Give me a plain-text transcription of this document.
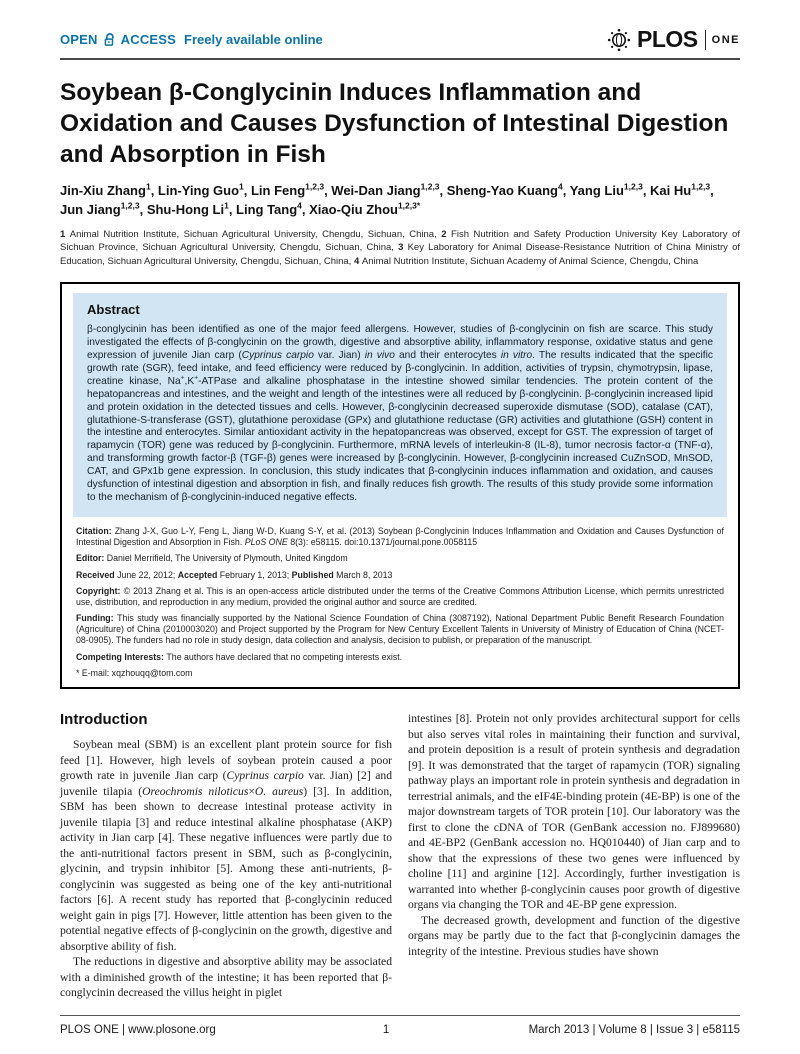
OPEN ACCESS Freely available online	PLOS ONE
Soybean β-Conglycinin Induces Inflammation and Oxidation and Causes Dysfunction of Intestinal Digestion and Absorption in Fish
Jin-Xiu Zhang$^1$, Lin-Ying Guo$^1$, Lin Feng$^{1,2,3}$, Wei-Dan Jiang$^{1,2,3}$, Sheng-Yao Kuang$^4$, Yang Liu$^{1,2,3}$, Kai Hu$^{1,2,3}$, Jun Jiang$^{1,2,3}$, Shu-Hong Li$^1$, Ling Tang$^4$, Xiao-Qiu Zhou$^{1,2,3*}$
1 Animal Nutrition Institute, Sichuan Agricultural University, Chengdu, Sichuan, China, 2 Fish Nutrition and Safety Production University Key Laboratory of Sichuan Province, Sichuan Agricultural University, Chengdu, Sichuan, China, 3 Key Laboratory for Animal Disease-Resistance Nutrition of China Ministry of Education, Sichuan Agricultural University, Chengdu, Sichuan, China, 4 Animal Nutrition Institute, Sichuan Academy of Animal Science, Chengdu, China
Abstract
β-conglycinin has been identified as one of the major feed allergens. However, studies of β-conglycinin on fish are scarce. This study investigated the effects of β-conglycinin on the growth, digestive and absorptive ability, inflammatory response, oxidative status and gene expression of juvenile Jian carp (Cyprinus carpio var. Jian) in vivo and their enterocytes in vitro. The results indicated that the specific growth rate (SGR), feed intake, and feed efficiency were reduced by β-conglycinin. In addition, activities of trypsin, chymotrypsin, lipase, creatine kinase, Na+,K+-ATPase and alkaline phosphatase in the intestine showed similar tendencies. The protein content of the hepatopancreas and intestines, and the weight and length of the intestines were all reduced by β-conglycinin. β-conglycinin increased lipid and protein oxidation in the detected tissues and cells. However, β-conglycinin decreased superoxide dismutase (SOD), catalase (CAT), glutathione-S-transferase (GST), glutathione peroxidase (GPx) and glutathione reductase (GR) activities and glutathione (GSH) content in the intestine and enterocytes. Similar antioxidant activity in the hepatopancreas was observed, except for GST. The expression of target of rapamycin (TOR) gene was reduced by β-conglycinin. Furthermore, mRNA levels of interleukin-8 (IL-8), tumor necrosis factor-α (TNF-α), and transforming growth factor-β (TGF-β) genes were increased by β-conglycinin. However, β-conglycinin increased CuZnSOD, MnSOD, CAT, and GPx1b gene expression. In conclusion, this study indicates that β-conglycinin induces inflammation and oxidation, and causes dysfunction of intestinal digestion and absorption in fish, and finally reduces fish growth. The results of this study provide some information to the mechanism of β-conglycinin-induced negative effects.

Citation: Zhang J-X, Guo L-Y, Feng L, Jiang W-D, Kuang S-Y, et al. (2013) Soybean β-Conglycinin Induces Inflammation and Oxidation and Causes Dysfunction of Intestinal Digestion and Absorption in Fish. PLoS ONE 8(3): e58115. doi:10.1371/journal.pone.0058115

Editor: Daniel Merrifield, The University of Plymouth, United Kingdom

Received June 22, 2012; Accepted February 1, 2013; Published March 8, 2013

Copyright: © 2013 Zhang et al. This is an open-access article distributed under the terms of the Creative Commons Attribution License, which permits unrestricted use, distribution, and reproduction in any medium, provided the original author and source are credited.

Funding: This study was financially supported by the National Science Foundation of China (3087192), National Department Public Benefit Research Foundation (Agriculture) of China (2010003020) and Project supported by the Program for New Century Excellent Talents in University of Ministry of Education of China (NCET-08-0905). The funders had no role in study design, data collection and analysis, decision to publish, or preparation of the manuscript.

Competing Interests: The authors have declared that no competing interests exist.

* E-mail: xqzhouqq@tom.com

Introduction

Soybean meal (SBM) is an excellent plant protein source for fish feed [1]. However, high levels of soybean protein caused a poor growth rate in juvenile Jian carp (Cyprinus carpio var. Jian) [2] and juvenile tilapia (Oreochromis niloticus×O. aureus) [3]. In addition, SBM has been shown to decrease intestinal protease activity in juvenile tilapia [3] and reduce intestinal alkaline phosphatase (AKP) activity in Jian carp [4]. These negative influences were partly due to the anti-nutritional factors present in SBM, such as β-conglycinin, glycinin, and trypsin inhibitor [5]. Among these anti-nutrients, β-conglycinin was suggested as being one of the key anti-nutritional factors [6]. A recent study has reported that β-conglycinin reduced weight gain in pigs [7]. However, little attention has been given to the potential negative effects of β-conglycinin on the growth, digestive and absorptive ability of fish.

The reductions in digestive and absorptive ability may be associated with a diminished growth of the intestine; it has been reported that β-conglycinin decreased the villus height in piglet

intestines [8]. Protein not only provides architectural support for cells but also serves vital roles in maintaining their function and survival, and protein deposition is a result of protein synthesis and degradation [9]. It was demonstrated that the target of rapamycin (TOR) signaling pathway plays an important role in protein synthesis and degradation in terrestrial animals, and the eIF4E-binding protein (4E-BP) is one of the major downstream targets of TOR protein [10]. Our laboratory was the first to clone the cDNA of TOR (GenBank accession no. FJ899680) and 4E-BP2 (GenBank accession no. HQ010440) of Jian carp and to show that the expressions of these two genes were influenced by choline [11] and arginine [12]. Accordingly, further investigation is warranted into whether β-conglycinin causes poor growth of digestive organs via changing the TOR and 4E-BP gene expression.

The decreased growth, development and function of the digestive organs may be partly due to the fact that β-conglycinin damages the integrity of the intestine. Previous studies have shown

PLOS ONE | www.plosone.org	1	March 2013 | Volume 8 | Issue 3 | e58115
